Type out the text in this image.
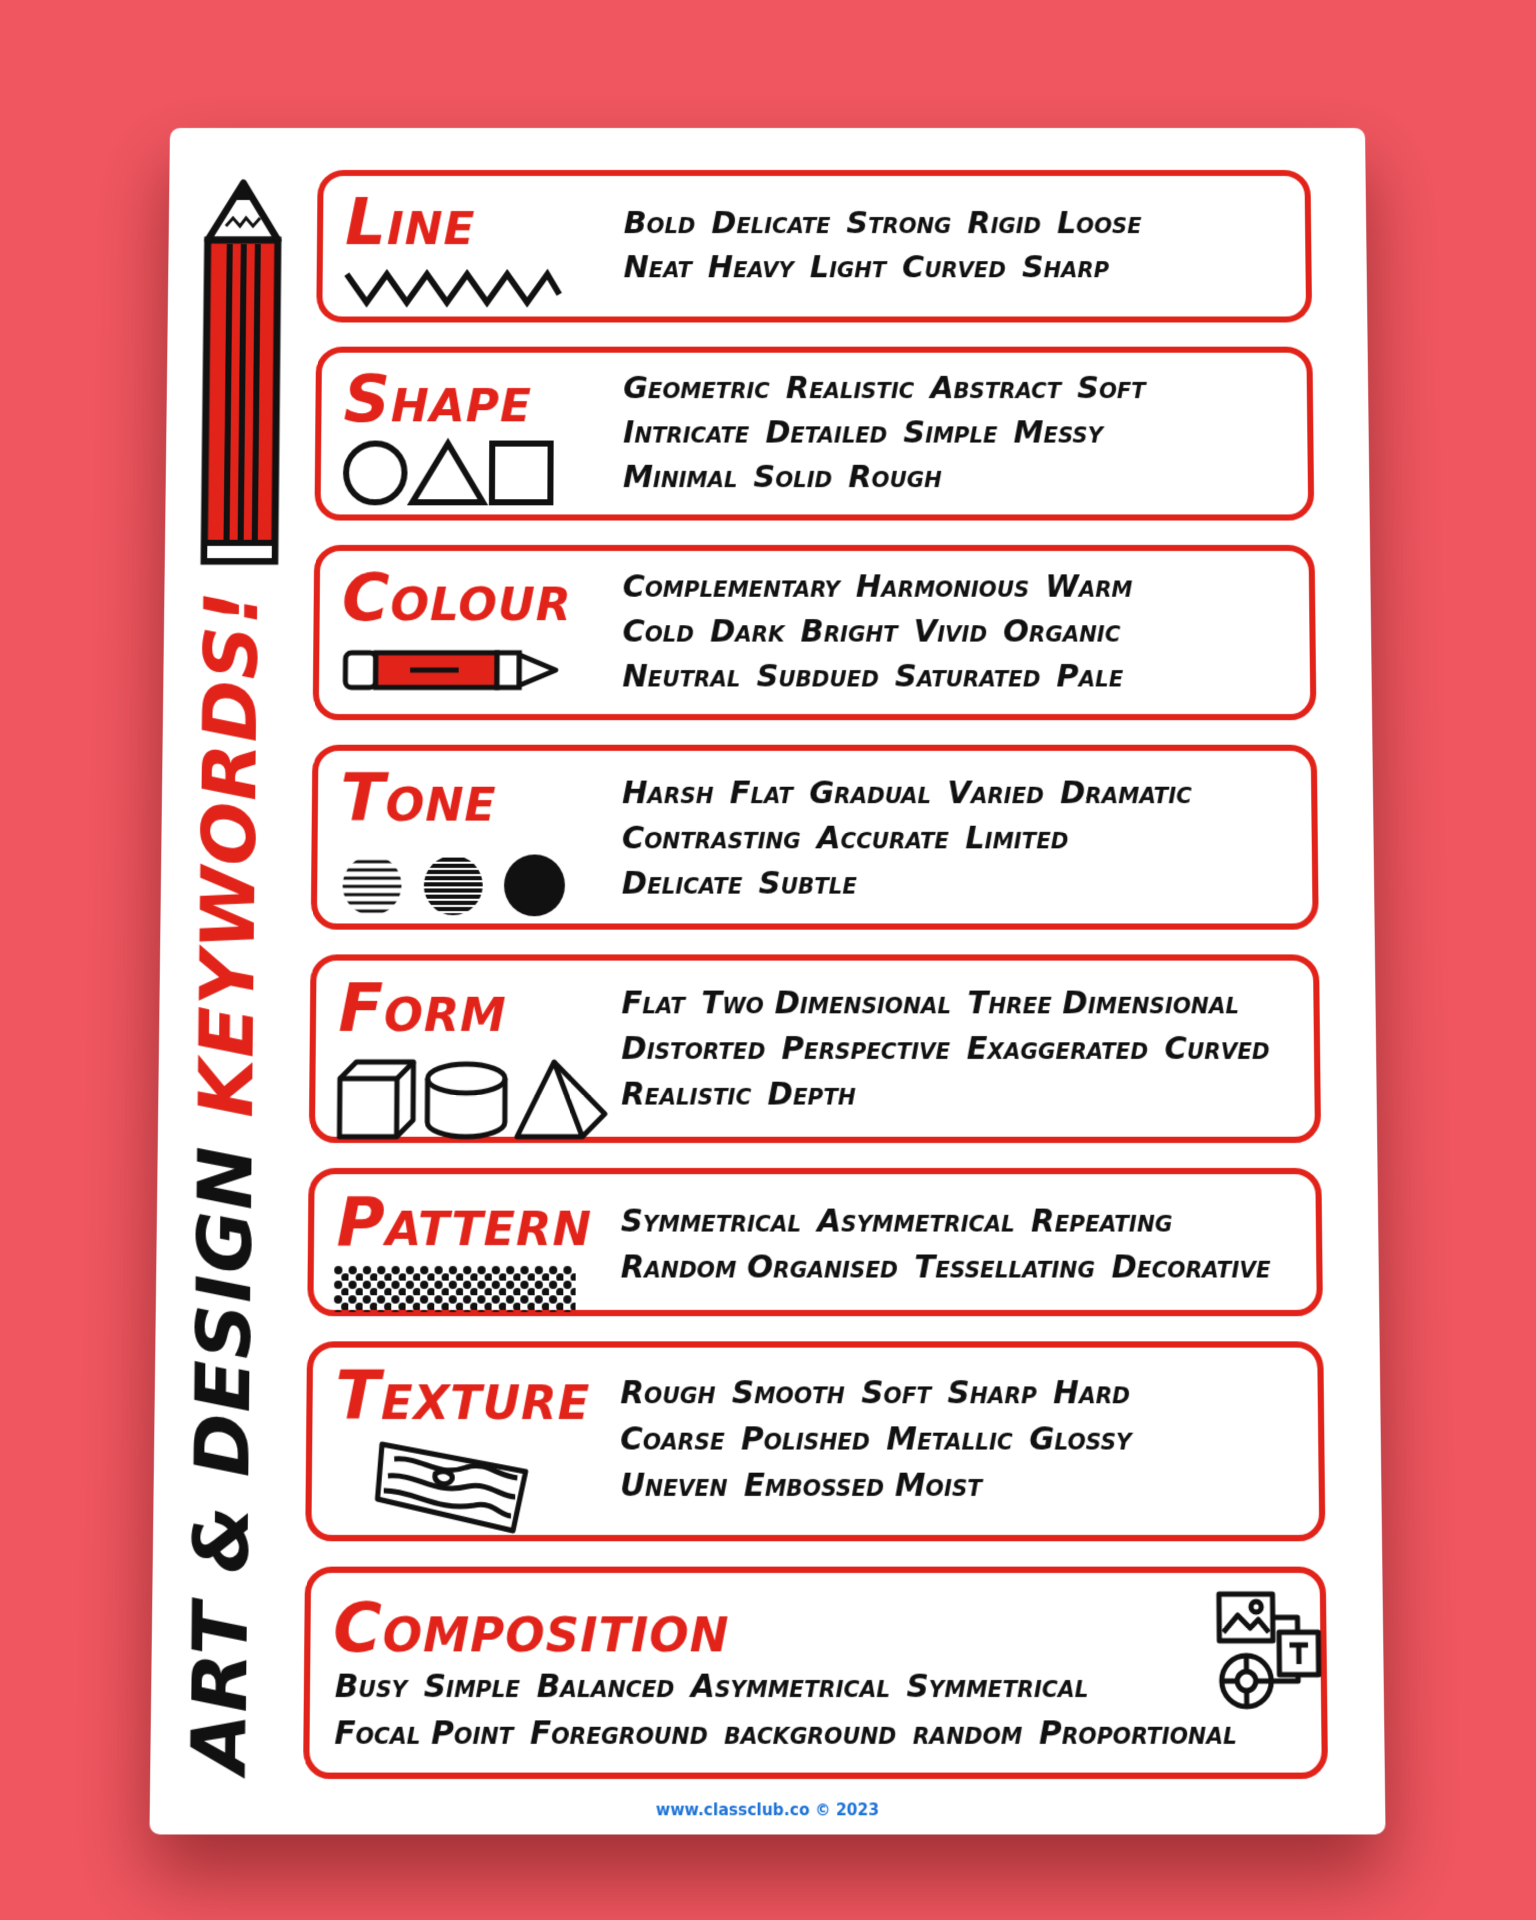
ART & DESIGN KEYWORDS!
Line	Bold Delicate Strong Rigid Loose
Neat Heavy Light Curved Sharp
Shape	Geometric Realistic Abstract Soft
Intricate Detailed Simple Messy
Minimal Solid Rough
Colour Complementary Harmonious Warm
Cold Dark Bright Vivid Organic
Neutral Subdued Saturated Pale
Tone	Harsh Flat Gradual Varied Dramatic
Contrasting Accurate Limited
Delicate Subtle
Form	Flat Two Dimensional Three Dimensional
Distorted Perspective Exaggerated Curved
Realistic Depth
Pattern Symmetrical Asymmetrical Repeating
Random Organised Tessellating Decorative
Texture Rough Smooth Soft Sharp Hard
Coarse Polished Metallic Glossy
Uneven Embossed Moist
Composition
Busy Simple Balanced Asymmetrical Symmetrical
Focal Point Foreground background random Proportional
www.classclub.co © 2023
